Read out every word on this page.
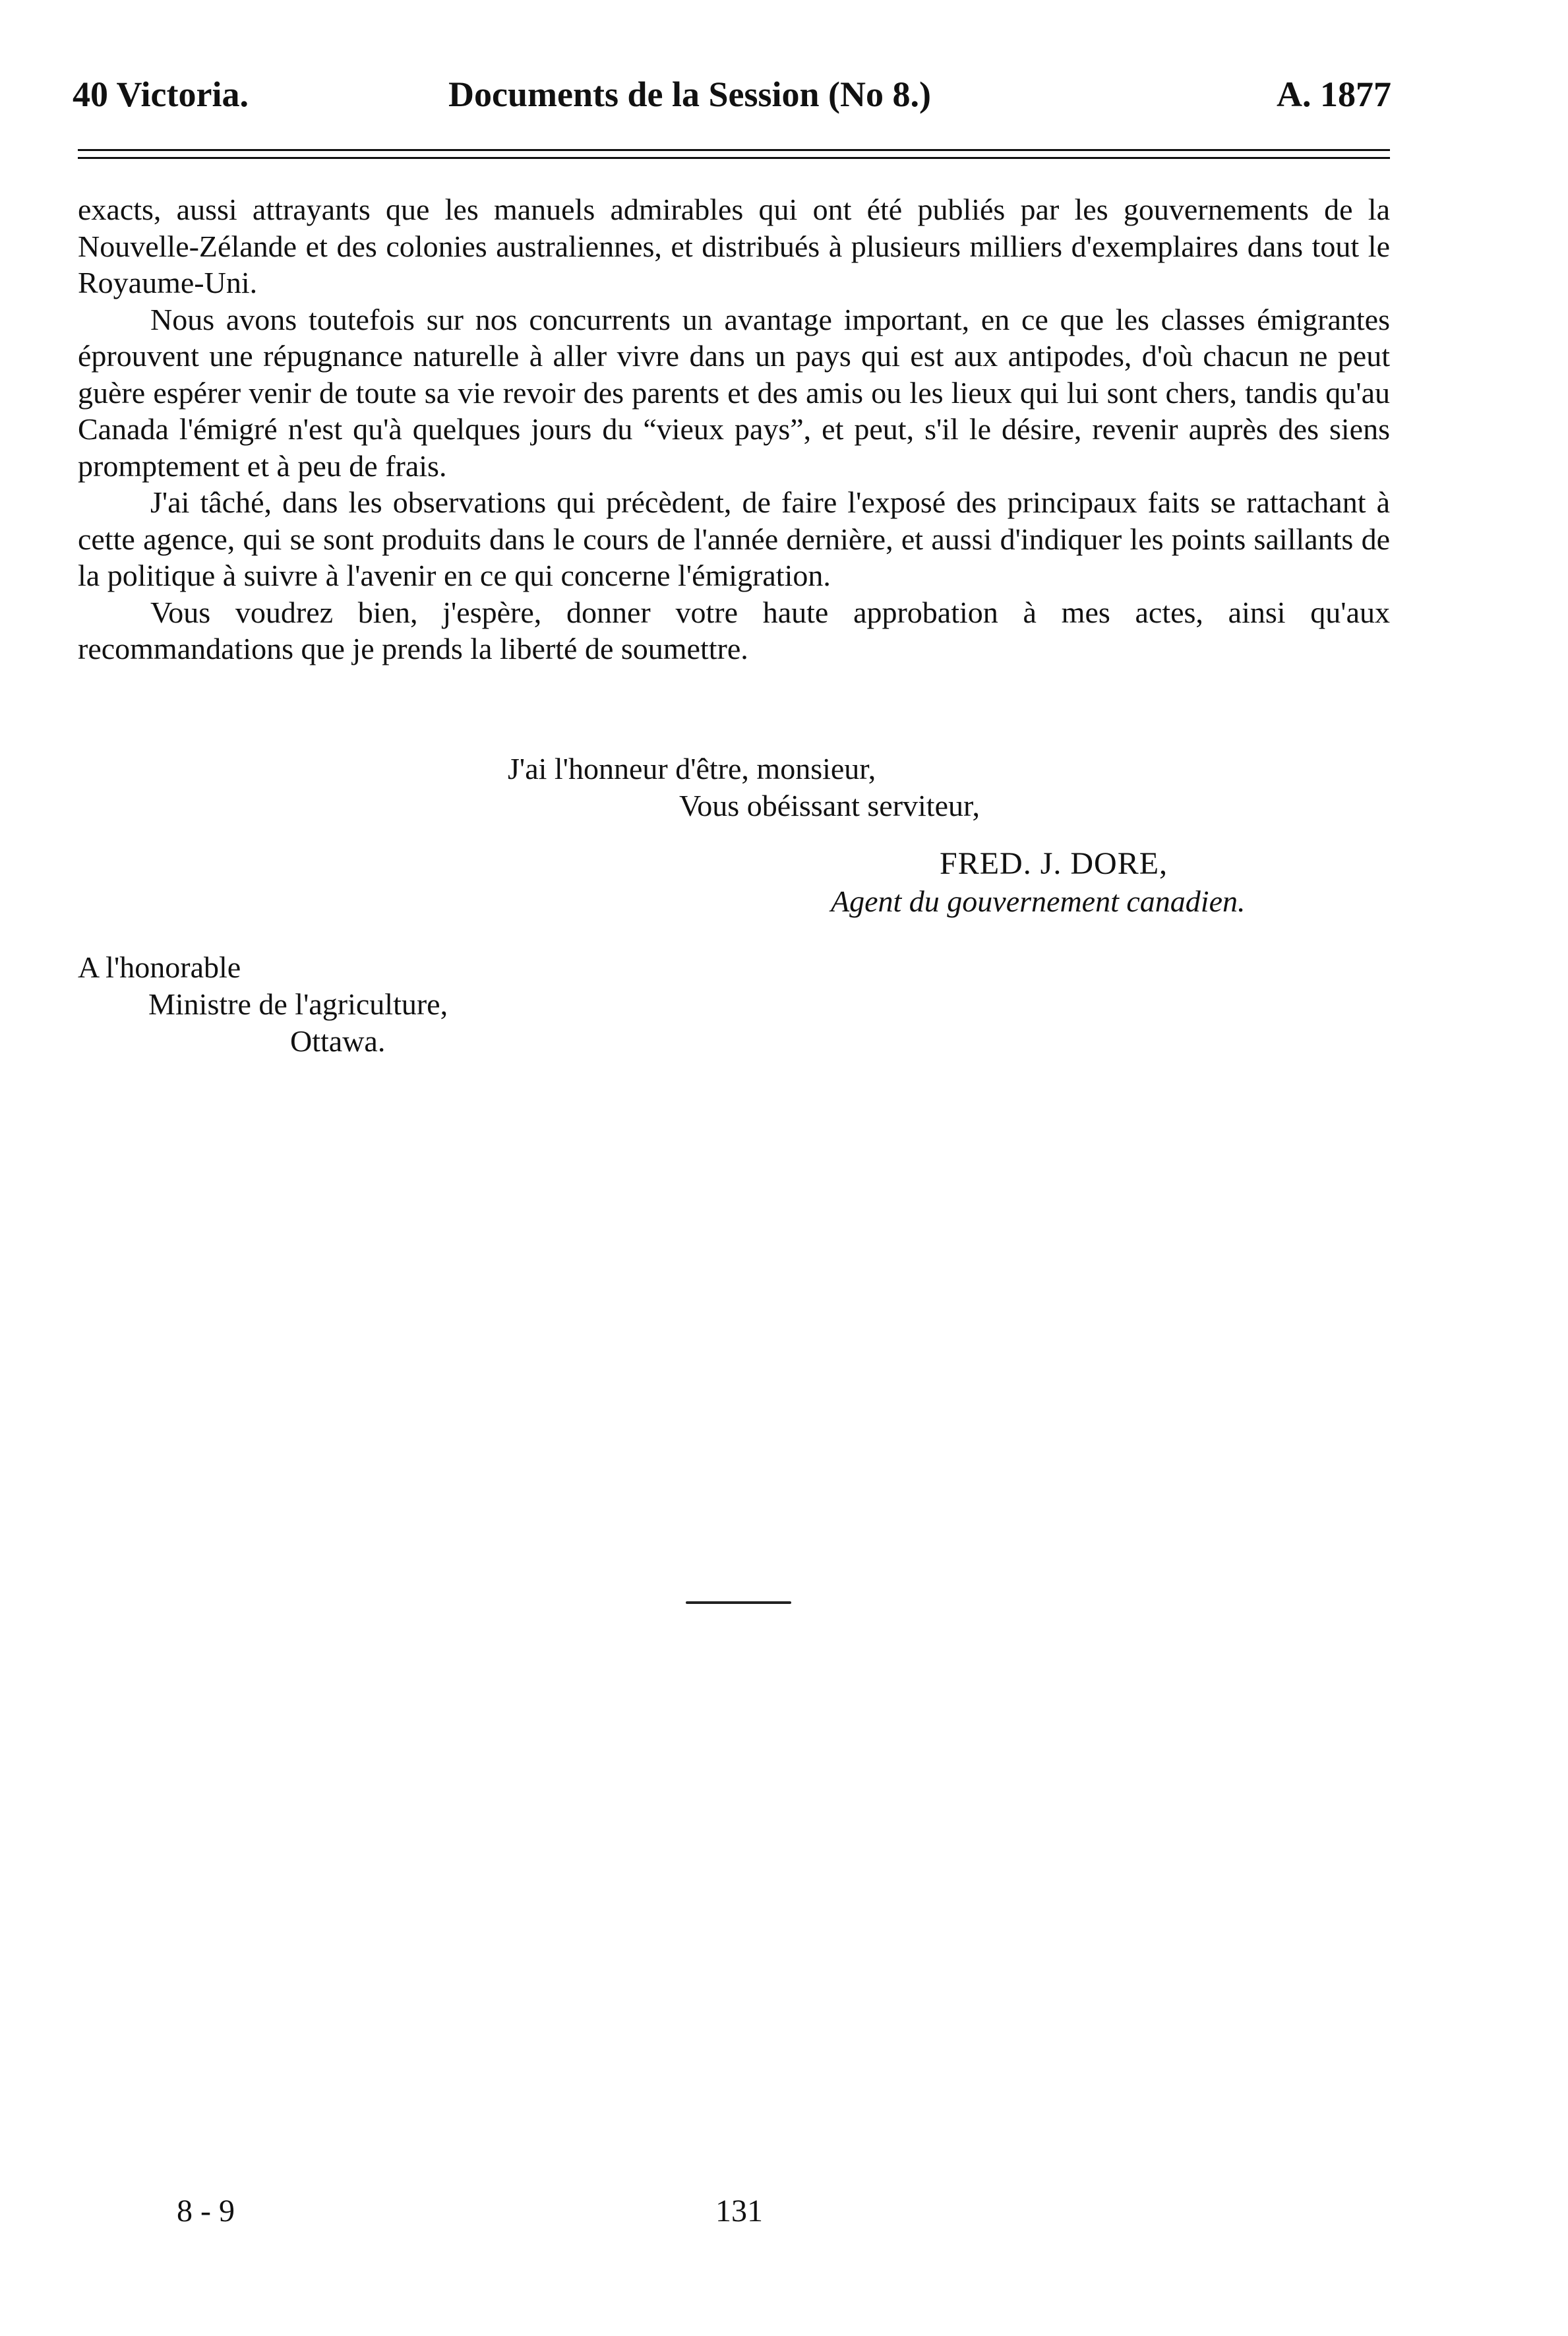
40 Victoria.	Documents de la Session (No 8.)	A. 1877

exacts, aussi attrayants que les manuels admirables qui ont été publiés par les gouvernements de la Nouvelle-Zélande et des colonies australiennes, et distribués à plusieurs milliers d'exemplaires dans tout le Royaume-Uni.

Nous avons toutefois sur nos concurrents un avantage important, en ce que les classes émigrantes éprouvent une répugnance naturelle à aller vivre dans un pays qui est aux antipodes, d'où chacun ne peut guère espérer venir de toute sa vie revoir des parents et des amis ou les lieux qui lui sont chers, tandis qu'au Canada l'émigré n'est qu'à quelques jours du “vieux pays”, et peut, s'il le désire, revenir auprès des siens promptement et à peu de frais.

J'ai tâché, dans les observations qui précèdent, de faire l'exposé des principaux faits se rattachant à cette agence, qui se sont produits dans le cours de l'année dernière, et aussi d'indiquer les points saillants de la politique à suivre à l'avenir en ce qui concerne l'émigration.

Vous voudrez bien, j'espère, donner votre haute approbation à mes actes, ainsi qu'aux recommandations que je prends la liberté de soumettre.

J'ai l'honneur d'être, monsieur,
Vous obéissant serviteur,
FRED. J. DORE,
Agent du gouvernement canadien.
A l'honorable
Ministre de l'agriculture,
Ottawa.
8 - 9	131
